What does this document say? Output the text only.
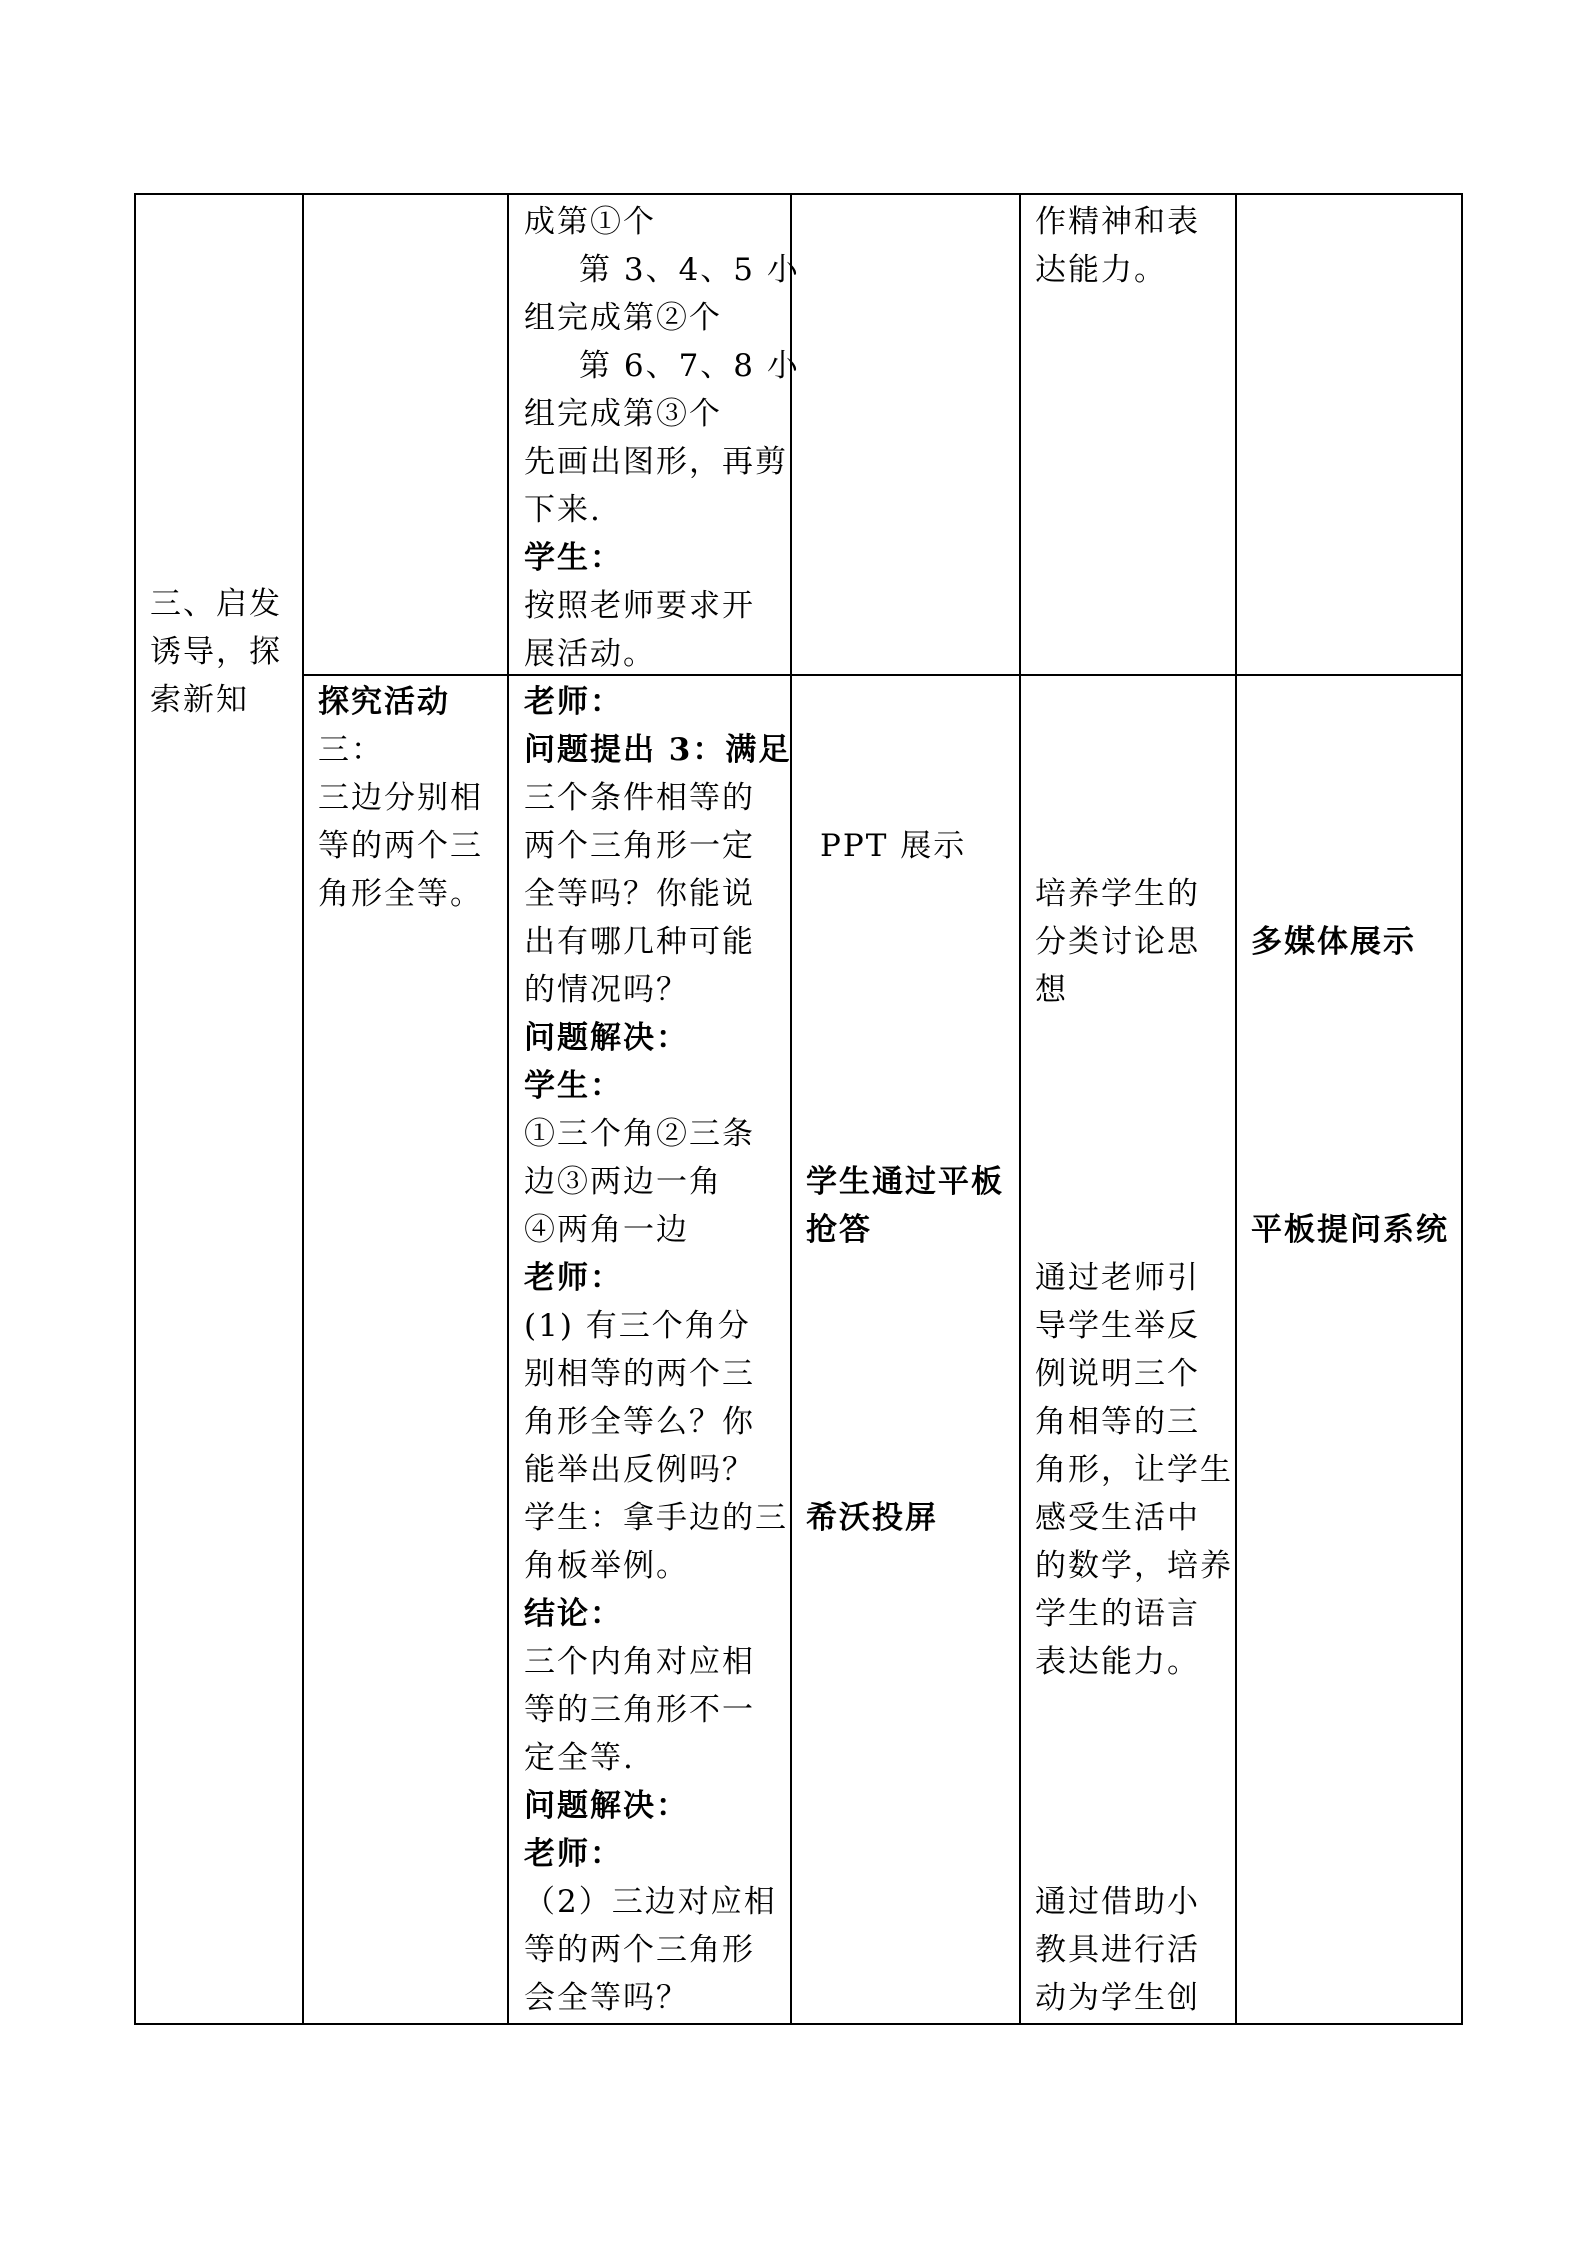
三、启发
诱导，探
索新知
成第①个
第 3、4、5 小
组完成第②个
第 6、7、8 小
组完成第③个
先画出图形，再剪
下来.
学生：
按照老师要求开
展活动。
作精神和表
达能力。
探究活动
三：
三边分别相
等的两个三
角形全等。
老师：
问题提出 3：满足
三个条件相等的
两个三角形一定
全等吗？你能说
出有哪几种可能
的情况吗？
问题解决：
学生：
①三个角②三条
边③两边一角
④两角一边
老师：
(1) 有三个角分
别相等的两个三
角形全等么？你
能举出反例吗？
学生：拿手边的三
角板举例。
结论：
三个内角对应相
等的三角形不一
定全等.
问题解决：
老师：
（2）三边对应相
等的两个三角形
会全等吗？
PPT 展示
学生通过平板
抢答
希沃投屏
培养学生的
分类讨论思
想
通过老师引
导学生举反
例说明三个
角相等的三
角形，让学生
感受生活中
的数学，培养
学生的语言
表达能力。
通过借助小
教具进行活
动为学生创
多媒体展示
平板提问系统
